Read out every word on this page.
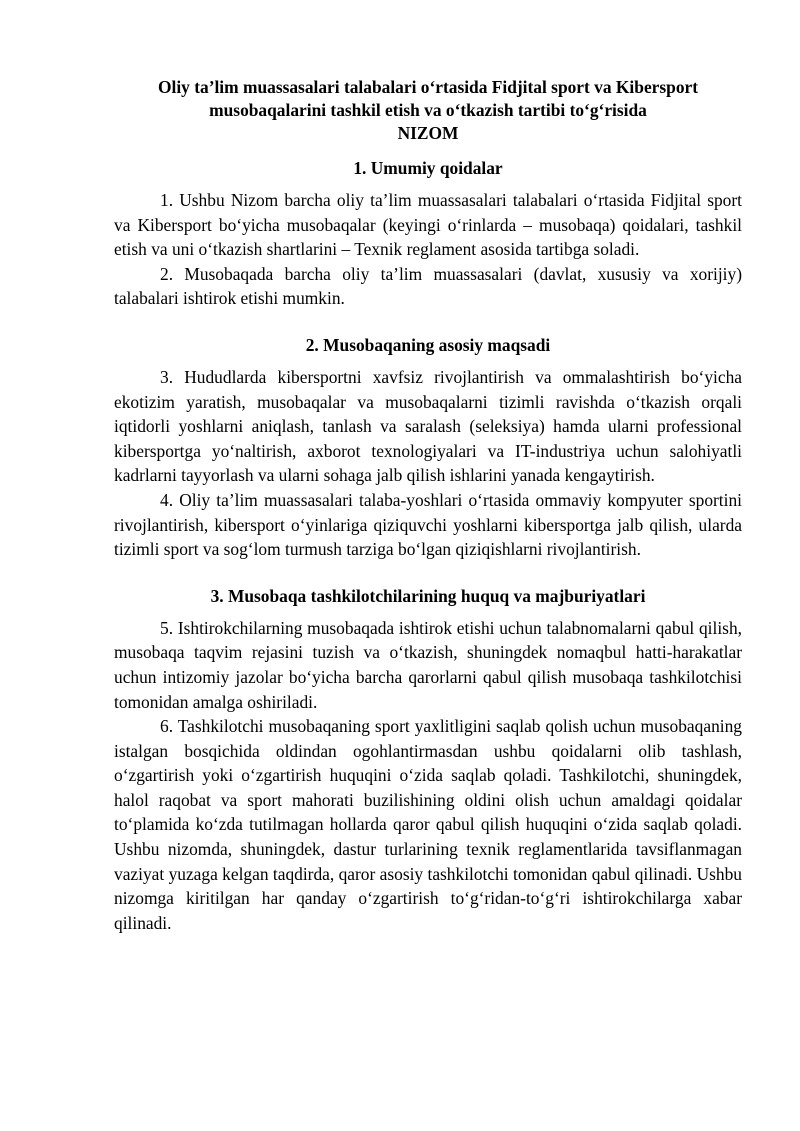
Oliy ta’lim muassasalari talabalari o‘rtasida Fidjital sport va Kibersport
musobaqalarini tashkil etish va o‘tkazish tartibi to‘g‘risida
NIZOM
1. Umumiy qoidalar

1. Ushbu Nizom barcha oliy ta’lim muassasalari talabalari o‘rtasida Fidjital sport va Kibersport bo‘yicha musobaqalar (keyingi o‘rinlarda – musobaqa) qoidalari, tashkil etish va uni o‘tkazish shartlarini – Texnik reglament asosida tartibga soladi.

2. Musobaqada barcha oliy ta’lim muassasalari (davlat, xususiy va xorijiy) talabalari ishtirok etishi mumkin.

2. Musobaqaning asosiy maqsadi

3. Hududlarda kibersportni xavfsiz rivojlantirish va ommalashtirish bo‘yicha ekotizim yaratish, musobaqalar va musobaqalarni tizimli ravishda o‘tkazish orqali iqtidorli yoshlarni aniqlash, tanlash va saralash (seleksiya) hamda ularni professional kibersportga yo‘naltirish, axborot texnologiyalari va IT-industriya uchun salohiyatli kadrlarni tayyorlash va ularni sohaga jalb qilish ishlarini yanada kengaytirish.

4. Oliy ta’lim muassasalari talaba-yoshlari o‘rtasida ommaviy kompyuter sportini rivojlantirish, kibersport o‘yinlariga qiziquvchi yoshlarni kibersportga jalb qilish, ularda tizimli sport va sog‘lom turmush tarziga bo‘lgan qiziqishlarni rivojlantirish.

3. Musobaqa tashkilotchilarining huquq va majburiyatlari

5. Ishtirokchilarning musobaqada ishtirok etishi uchun talabnomalarni qabul qilish, musobaqa taqvim rejasini tuzish va o‘tkazish, shuningdek nomaqbul hatti-harakatlar uchun intizomiy jazolar bo‘yicha barcha qarorlarni qabul qilish musobaqa tashkilotchisi tomonidan amalga oshiriladi.

6. Tashkilotchi musobaqaning sport yaxlitligini saqlab qolish uchun musobaqaning istalgan bosqichida oldindan ogohlantirmasdan ushbu qoidalarni olib tashlash, o‘zgartirish yoki o‘zgartirish huquqini o‘zida saqlab qoladi. Tashkilotchi, shuningdek, halol raqobat va sport mahorati buzilishining oldini olish uchun amaldagi qoidalar to‘plamida ko‘zda tutilmagan hollarda qaror qabul qilish huquqini o‘zida saqlab qoladi. Ushbu nizomda, shuningdek, dastur turlarining texnik reglamentlarida tavsiflanmagan vaziyat yuzaga kelgan taqdirda, qaror asosiy tashkilotchi tomonidan qabul qilinadi. Ushbu nizomga kiritilgan har qanday o‘zgartirish to‘g‘ridan-to‘g‘ri ishtirokchilarga xabar qilinadi.
